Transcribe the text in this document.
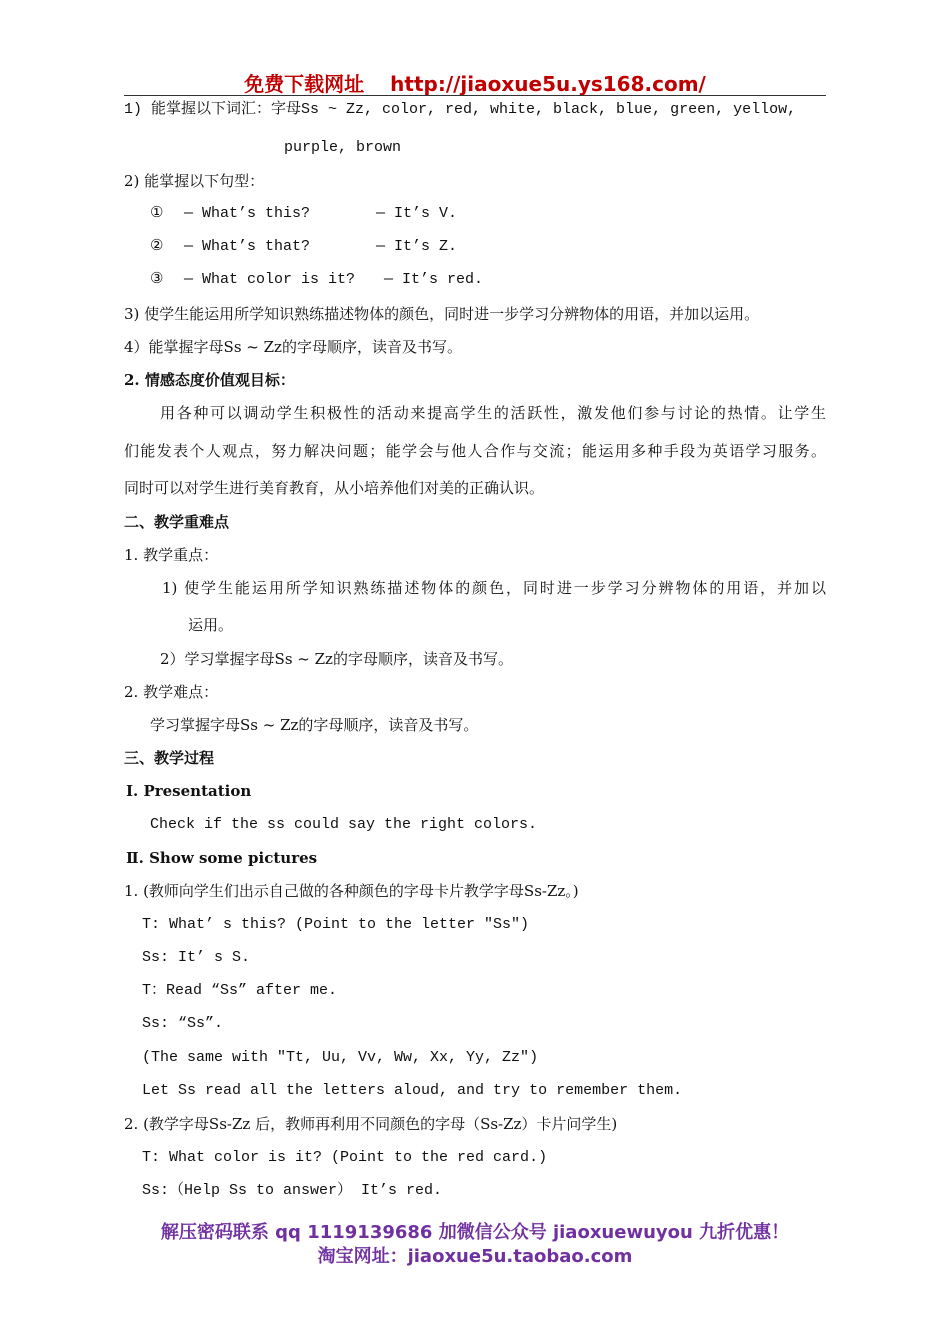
免费下载网址 http://jiaoxue5u.ys168.com/
1) 能掌握以下词汇：字母Ss ~ Zz, color, red, white, black, blue, green, yellow,
purple, brown
2) 能掌握以下句型：
① — What’s this?	— It’s V.
② — What’s that?	— It’s Z.
③ — What color is it? — It’s red.
3) 使学生能运用所学知识熟练描述物体的颜色，同时进一步学习分辨物体的用语，并加以运用。
4）能掌握字母Ss ~ Zz的字母顺序，读音及书写。
2. 情感态度价值观目标：
用各种可以调动学生积极性的活动来提高学生的活跃性，激发他们参与讨论的热情。让学生
们能发表个人观点，努力解决问题；能学会与他人合作与交流；能运用多种手段为英语学习服务。
同时可以对学生进行美育教育，从小培养他们对美的正确认识。
二、教学重难点
1. 教学重点：
1) 使学生能运用所学知识熟练描述物体的颜色，同时进一步学习分辨物体的用语，并加以
运用。
2）学习掌握字母Ss ~ Zz的字母顺序，读音及书写。
2. 教学难点：
学习掌握字母Ss ~ Zz的字母顺序，读音及书写。
三、教学过程
Ⅰ. Presentation
Check if the ss could say the right colors.
Ⅱ. Show some pictures
1. (教师向学生们出示自己做的各种颜色的字母卡片教学字母Ss-Zz。)
T: What’ s this? (Point to the letter "Ss")
Ss: It’ s S.
T：Read “Ss” after me.
Ss: “Ss”.
(The same with "Tt, Uu, Vv, Ww, Xx, Yy, Zz")
Let Ss read all the letters aloud, and try to remember them.
2. (教学字母Ss-Zz 后，教师再利用不同颜色的字母（Ss-Zz）卡片问学生)
T: What color is it? (Point to the red card.)
Ss:（Help Ss to answer） It’s red.
解压密码联系 qq 1119139686 加微信公众号 jiaoxuewuyou 九折优惠！
淘宝网址：jiaoxue5u.taobao.com
